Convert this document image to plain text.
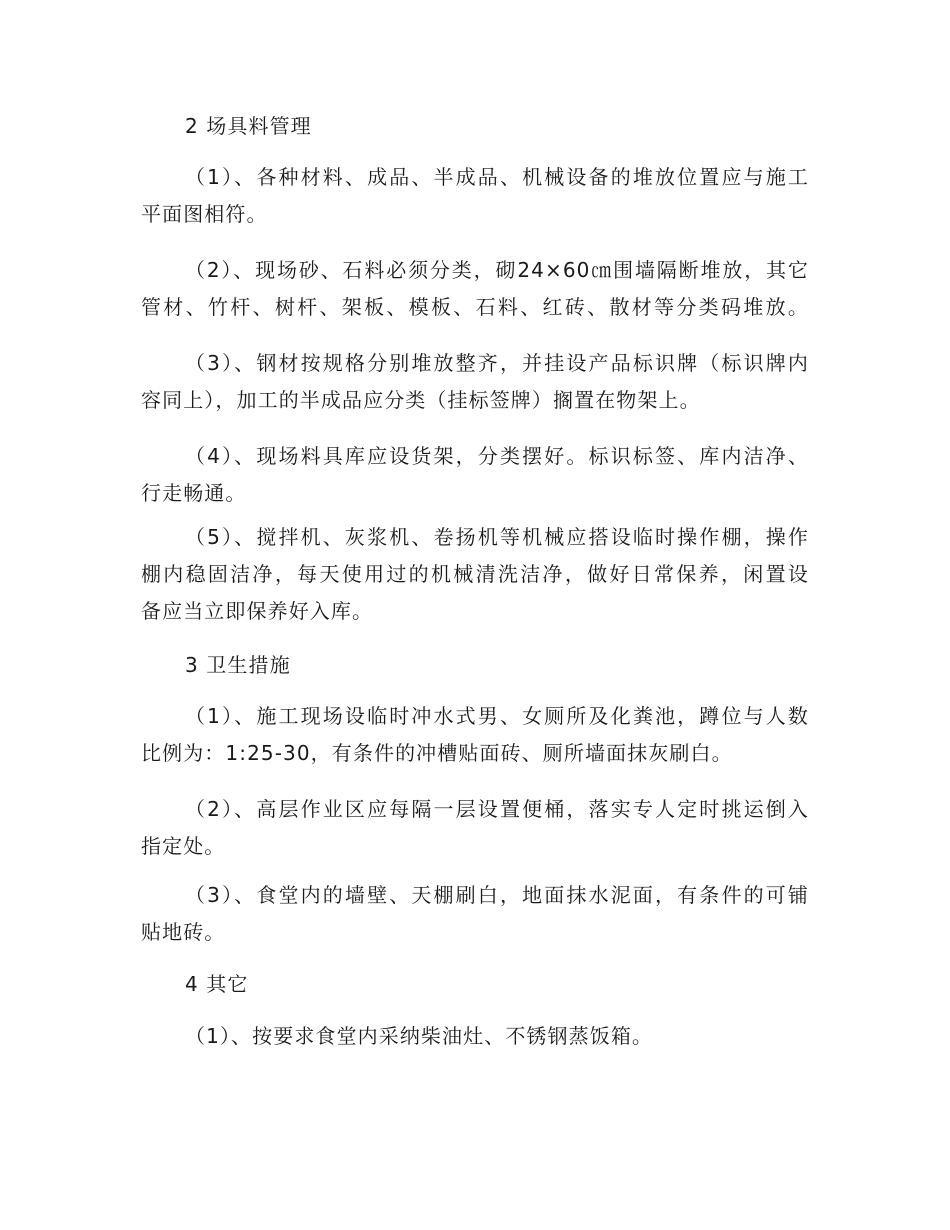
2 场具料管理

（1）、各种材料、成品、半成品、机械设备的堆放位置应与施工
平面图相符。

（2）、现场砂、石料必须分类，砌24×60㎝围墙隔断堆放，其它
管材、竹杆、树杆、架板、模板、石料、红砖、散材等分类码堆放。

（3）、钢材按规格分别堆放整齐，并挂设产品标识牌（标识牌内
容同上），加工的半成品应分类（挂标签牌）搁置在物架上。

（4）、现场料具库应设货架，分类摆好。标识标签、库内洁净、
行走畅通。

（5）、搅拌机、灰浆机、卷扬机等机械应搭设临时操作棚，操作
棚内稳固洁净，每天使用过的机械清洗洁净，做好日常保养，闲置设
备应当立即保养好入库。

3 卫生措施

（1）、施工现场设临时冲水式男、女厕所及化粪池，蹲位与人数
比例为：1:25-30，有条件的冲槽贴面砖、厕所墙面抹灰刷白。

（2）、高层作业区应每隔一层设置便桶，落实专人定时挑运倒入
指定处。

（3）、食堂内的墙壁、天棚刷白，地面抹水泥面，有条件的可铺
贴地砖。

4 其它

（1）、按要求食堂内采纳柴油灶、不锈钢蒸饭箱。
